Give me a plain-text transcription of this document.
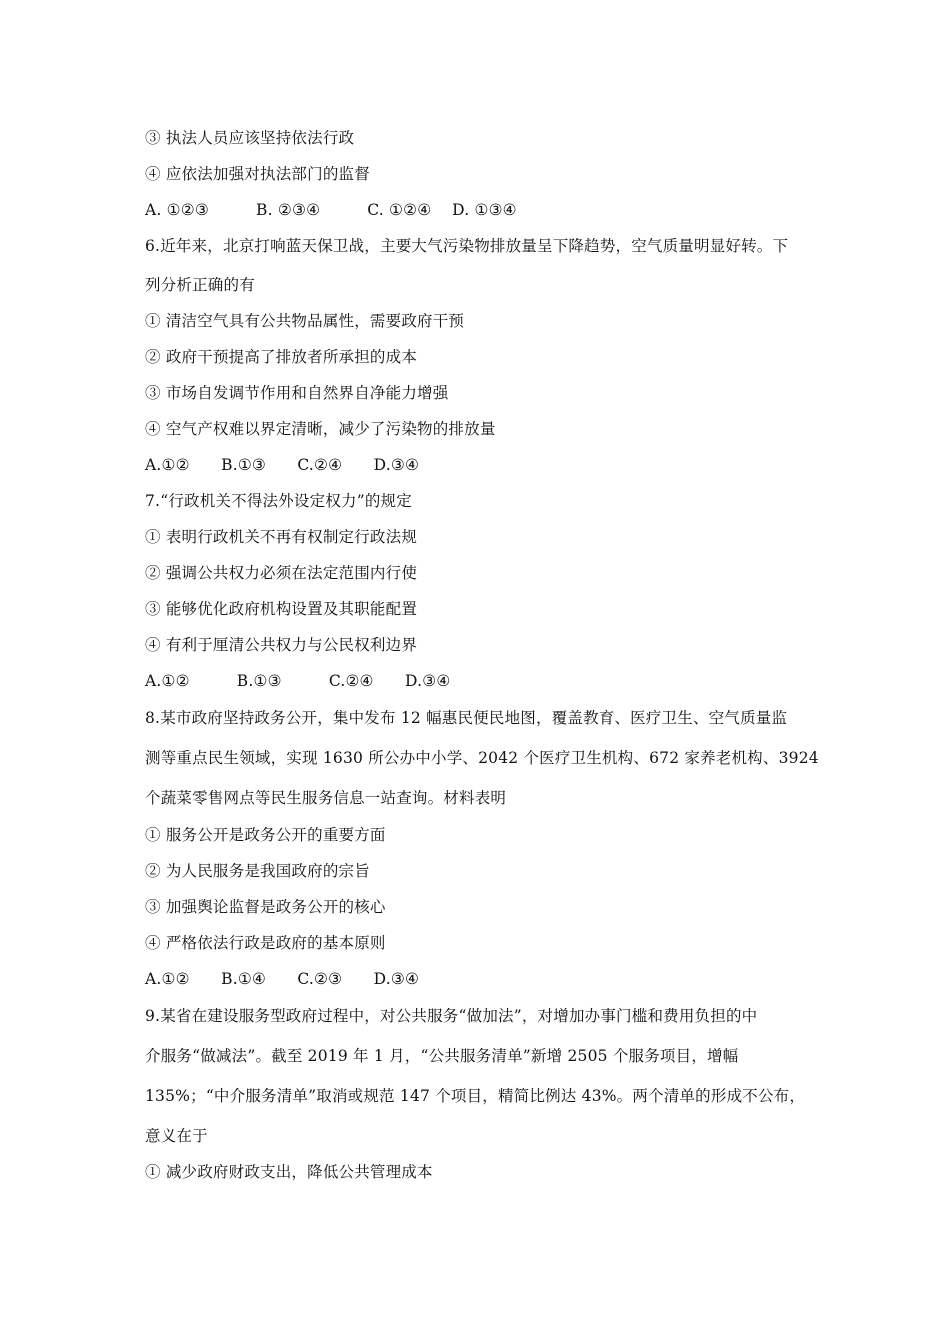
③ 执法人员应该坚持依法行政
④ 应依法加强对执法部门的监督
A. ①②③　　　B. ②③④　　　C. ①②④　 D. ①③④
6.近年来，北京打响蓝天保卫战，主要大气污染物排放量呈下降趋势，空气质量明显好转。下
列分析正确的有
① 清洁空气具有公共物品属性，需要政府干预
② 政府干预提高了排放者所承担的成本
③ 市场自发调节作用和自然界自净能力增强
④ 空气产权难以界定清晰，减少了污染物的排放量
A.①②　　B.①③　　C.②④　　D.③④
7.“行政机关不得法外设定权力”的规定
① 表明行政机关不再有权制定行政法规
② 强调公共权力必须在法定范围内行使
③ 能够优化政府机构设置及其职能配置
④ 有利于厘清公共权力与公民权利边界
A.①②　　　B.①③　　　C.②④　　D.③④
8.某市政府坚持政务公开，集中发布 12 幅惠民便民地图，覆盖教育、医疗卫生、空气质量监
测等重点民生领域，实现 1630 所公办中小学、2042 个医疗卫生机构、672 家养老机构、3924
个蔬菜零售网点等民生服务信息一站查询。材料表明
① 服务公开是政务公开的重要方面
② 为人民服务是我国政府的宗旨
③ 加强舆论监督是政务公开的核心
④ 严格依法行政是政府的基本原则
A.①②　　B.①④　　C.②③　　D.③④
9.某省在建设服务型政府过程中，对公共服务“做加法”，对增加办事门槛和费用负担的中
介服务“做减法”。截至 2019 年 1 月，“公共服务清单”新增 2505 个服务项目，增幅
135%；“中介服务清单”取消或规范 147 个项目，精简比例达 43%。两个清单的形成不公布，
意义在于
① 减少政府财政支出，降低公共管理成本
